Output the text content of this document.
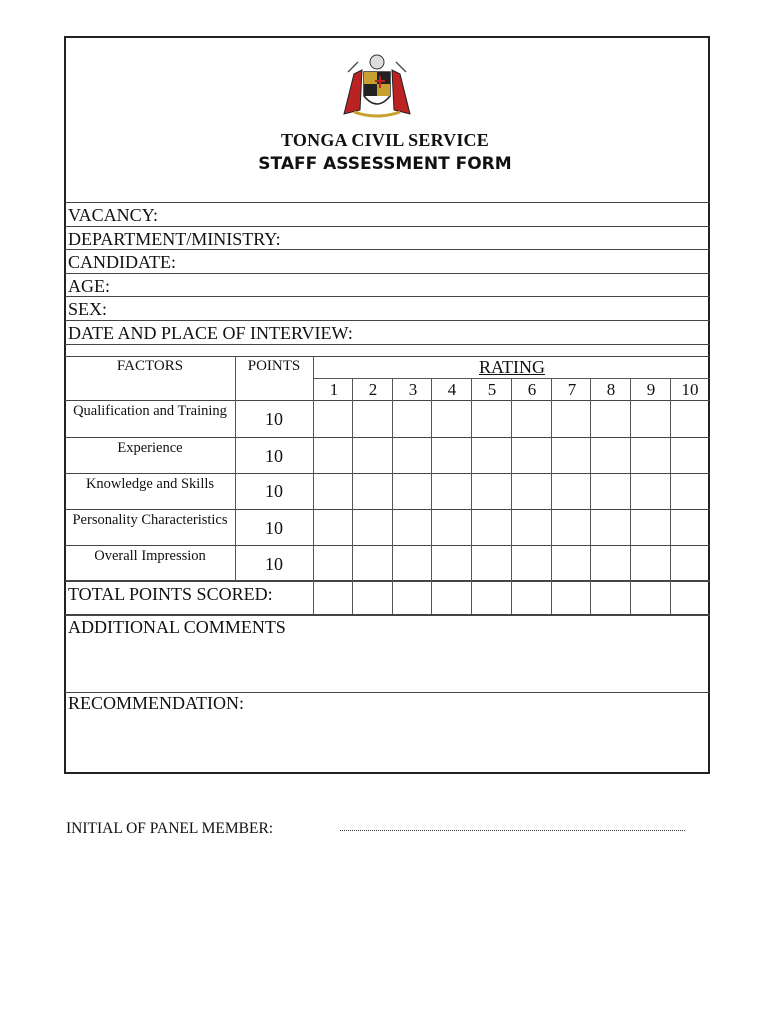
TONGA CIVIL SERVICE
STAFF ASSESSMENT FORM
VACANCY:
DEPARTMENT/MINISTRY:
CANDIDATE:
AGE:
SEX:
DATE AND PLACE OF INTERVIEW:
FACTORS	POINTS	RATING
1	2	3	4	5	6	7	8	9	10
Qualification and Training	10
Experience	10
Knowledge and Skills	10
Personality Characteristics	10
Overall Impression	10
TOTAL POINTS SCORED:
ADDITIONAL COMMENTS
RECOMMENDATION:
INITIAL OF PANEL MEMBER:
